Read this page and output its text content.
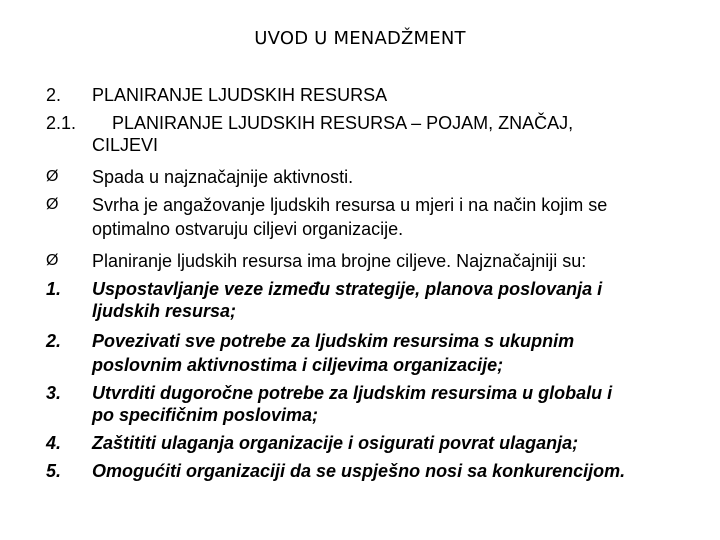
UVOD U MENADŽMENT
2. PLANIRANJE LJUDSKIH RESURSA
2.1. PLANIRANJE LJUDSKIH RESURSA – POJAM, ZNAČAJ,
CILJEVI
Ø Spada u najznačajnije aktivnosti.
Ø Svrha je angažovanje ljudskih resursa u mjeri i na način kojim se
optimalno ostvaruju ciljevi organizacije.
Ø Planiranje ljudskih resursa ima brojne ciljeve. Najznačajniji su:
1. Uspostavljanje veze između strategije, planova poslovanja i
ljudskih resursa;
2. Povezivati sve potrebe za ljudskim resursima s ukupnim
poslovnim aktivnostima i ciljevima organizacije;
3. Utvrditi dugoročne potrebe za ljudskim resursima u globalu i
po specifičnim poslovima;
4. Zaštititi ulaganja organizacije i osigurati povrat ulaganja;
5. Omogućiti organizaciji da se uspješno nosi sa konkurencijom.
